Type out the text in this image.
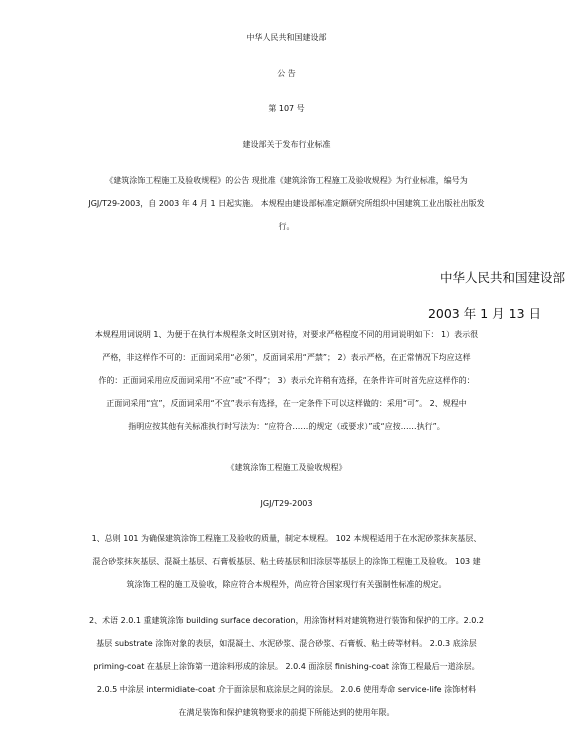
中华人民共和国建设部

公 告

第 107 号

建设部关于发布行业标准

《建筑涂饰工程施工及验收规程》的公告 现批准《建筑涂饰工程施工及验收规程》为行业标准，编号为
JGJ/T29-2003，自 2003 年 4 月 1 日起实施。 本规程由建设部标准定额研究所组织中国建筑工业出版社出版发
行。

中华人民共和国建设部

2003 年 1 月 13 日

本规程用词说明 1、为便于在执行本规程条文时区别对待，对要求严格程度不同的用词说明如下： 1）表示很
严格，非这样作不可的：正面词采用“必须”，反面词采用“严禁”； 2）表示严格，在正常情况下均应这样
作的：正面词采用应反面词采用“不应”或“不得”； 3）表示允许稍有选择，在条件许可时首先应这样作的：
正面词采用“宜”，反面词采用“不宜”表示有选择，在一定条件下可以这样做的：采用“可”。 2、规程中
指明应按其他有关标准执行时写法为：“应符合……的规定（或要求）”或“应按……执行”。

《建筑涂饰工程施工及验收规程》

JGJ/T29-2003

1、总则 101 为确保建筑涂饰工程施工及验收的质量，制定本规程。 102 本规程适用于在水泥砂浆抹灰基层、
混合砂浆抹灰基层、混凝土基层、石膏板基层、粘土砖基层和旧涂层等基层上的涂饰工程施工及验收。 103 建
筑涂饰工程的施工及验收，除应符合本规程外，尚应符合国家现行有关强制性标准的规定。
2、术语 2.0.1 重建筑涂饰 building surface decoration，用涂饰材料对建筑物进行装饰和保护的工序。2.0.2
基层 substrate 涂饰对象的表层，如混凝土、水泥砂浆、混合砂浆、石膏板、粘土砖等材料。 2.0.3 底涂层
priming-coat 在基层上涂饰第一道涂料形成的涂层。 2.0.4 面涂层 finishing-coat 涂饰工程最后一道涂层。
2.0.5 中涂层 intermidiate-coat 介于面涂层和底涂层之间的涂层。 2.0.6 使用寿命 service-life 涂饰材料
在满足装饰和保护建筑物要求的前提下所能达到的使用年限。
